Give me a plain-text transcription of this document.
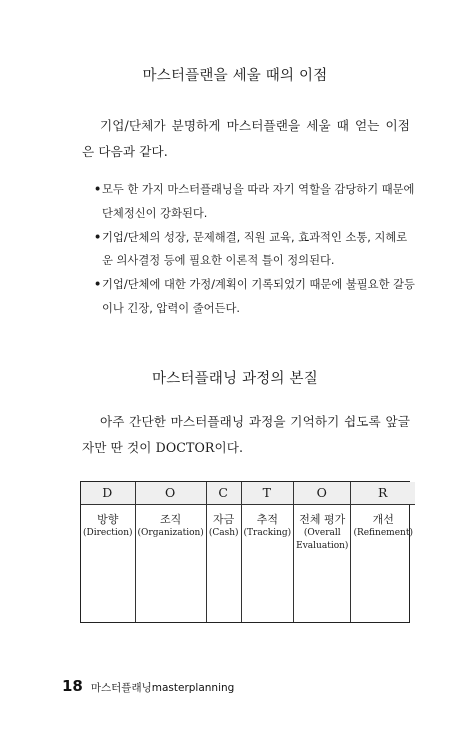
마스터플랜을 세울 때의 이점
기업/단체가 분명하게 마스터플랜을 세울 때 얻는 이점은 다음과 같다.
•모두 한 가지 마스터플래닝을 따라 자기 역할을 감당하기 때문에 단체정신이 강화된다.
•기업/단체의 성장, 문제해결, 직원 교육, 효과적인 소통, 지혜로운 의사결정 등에 필요한 이론적 틀이 정의된다.
•기업/단체에 대한 가정/계획이 기록되었기 때문에 불필요한 갈등이나 긴장, 압력이 줄어든다.
마스터플래닝 과정의 본질
아주 간단한 마스터플래닝 과정을 기억하기 쉽도록 앞글자만 딴 것이 DOCTOR이다.
D
방향
(Direction)
O
조직
(Organization)
C
자금
(Cash)
T
추적
(Tracking)
O
전체 평가
(Overall Evaluation)
R
개선
(Refinement)
18 마스터플래닝masterplanning
